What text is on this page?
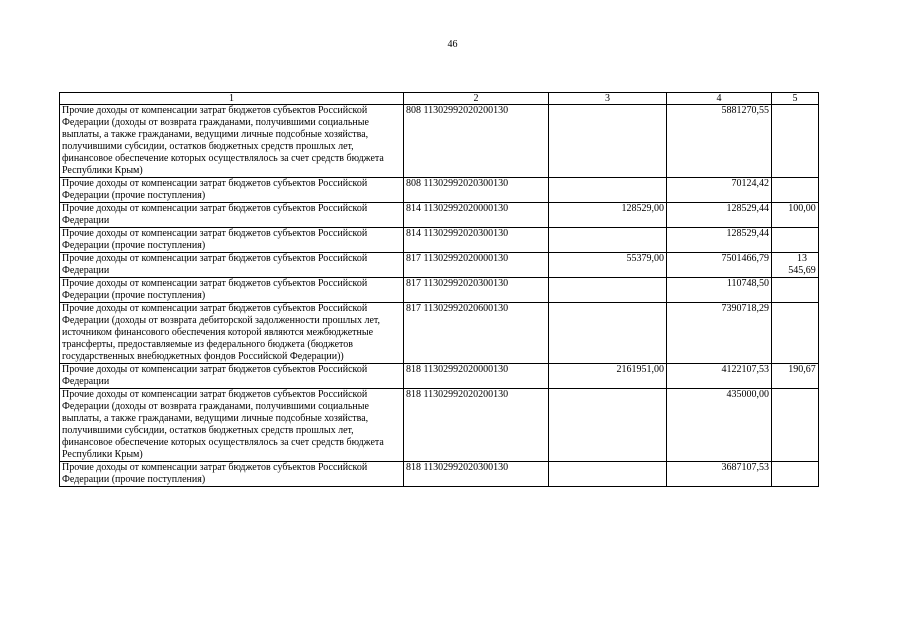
46
1	2	3	4	5
Прочие доходы от компенсации затрат бюджетов субъектов Российской Федерации (доходы от возврата гражданами, получившими социальные выплаты, а также гражданами, ведущими личные подсобные хозяйства, получившими субсидии, остатков бюджетных средств прошлых лет, финансовое обеспечение которых осуществлялось за счет средств бюджета Республики Крым)	808 11302992020200130		5881270,55	
Прочие доходы от компенсации затрат бюджетов субъектов Российской Федерации (прочие поступления)	808 11302992020300130		70124,42	
Прочие доходы от компенсации затрат бюджетов субъектов Российской Федерации	814 11302992020000130	128529,00	128529,44	100,00
Прочие доходы от компенсации затрат бюджетов субъектов Российской Федерации (прочие поступления)	814 11302992020300130		128529,44	
Прочие доходы от компенсации затрат бюджетов субъектов Российской Федерации	817 11302992020000130	55379,00	7501466,79	13 545,69
Прочие доходы от компенсации затрат бюджетов субъектов Российской Федерации (прочие поступления)	817 11302992020300130		110748,50	
Прочие доходы от компенсации затрат бюджетов субъектов Российской Федерации (доходы от возврата дебиторской задолженности прошлых лет, источником финансового обеспечения которой являются межбюджетные трансферты, предоставляемые из федерального бюджета (бюджетов государственных внебюджетных фондов Российской Федерации))	817 11302992020600130		7390718,29	
Прочие доходы от компенсации затрат бюджетов субъектов Российской Федерации	818 11302992020000130	2161951,00	4122107,53	190,67
Прочие доходы от компенсации затрат бюджетов субъектов Российской Федерации (доходы от возврата гражданами, получившими социальные выплаты, а также гражданами, ведущими личные подсобные хозяйства, получившими субсидии, остатков бюджетных средств прошлых лет, финансовое обеспечение которых осуществлялось за счет средств бюджета Республики Крым)	818 11302992020200130		435000,00	
Прочие доходы от компенсации затрат бюджетов субъектов Российской Федерации (прочие поступления)	818 11302992020300130		3687107,53	
